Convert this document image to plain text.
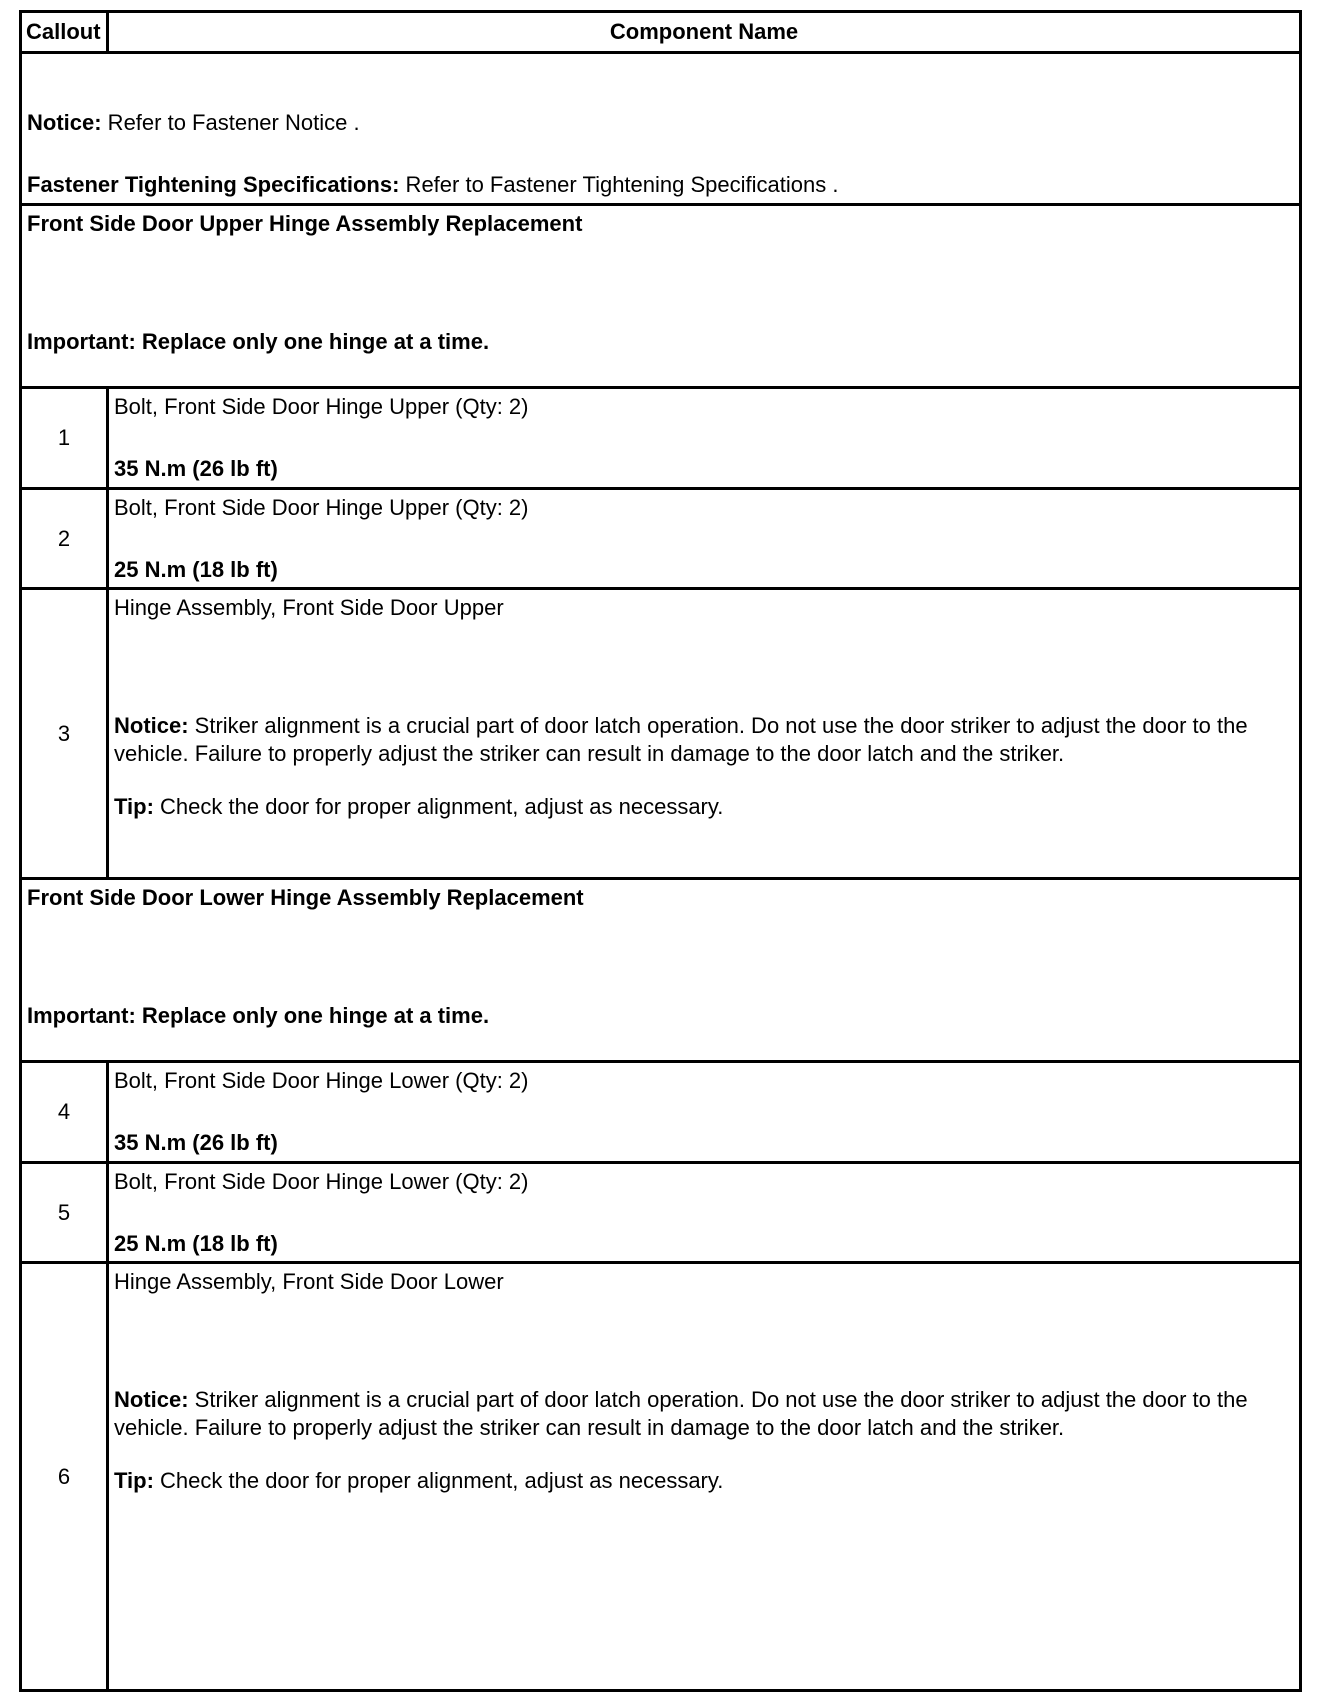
Callout	Component Name

Notice: Refer to Fastener Notice .

Fastener Tightening Specifications: Refer to Fastener Tightening Specifications .	

Front Side Door Upper Hinge Assembly Replacement

Important: Replace only one hinge at a time.	

1	Bolt, Front Side Door Hinge Upper (Qty: 2)

35 N.m (26 lb ft)

2	Bolt, Front Side Door Hinge Upper (Qty: 2)

25 N.m (18 lb ft)

3	Hinge Assembly, Front Side Door Upper

Notice: Striker alignment is a crucial part of door latch operation. Do not use the door striker to adjust the door to the vehicle. Failure to properly adjust the striker can result in damage to the door latch and the striker.

Tip: Check the door for proper alignment, adjust as necessary.

Front Side Door Lower Hinge Assembly Replacement

Important: Replace only one hinge at a time.	

4	Bolt, Front Side Door Hinge Lower (Qty: 2)

35 N.m (26 lb ft)

5	Bolt, Front Side Door Hinge Lower (Qty: 2)

25 N.m (18 lb ft)

6	Hinge Assembly, Front Side Door Lower

Notice: Striker alignment is a crucial part of door latch operation. Do not use the door striker to adjust the door to the vehicle. Failure to properly adjust the striker can result in damage to the door latch and the striker.

Tip: Check the door for proper alignment, adjust as necessary.
